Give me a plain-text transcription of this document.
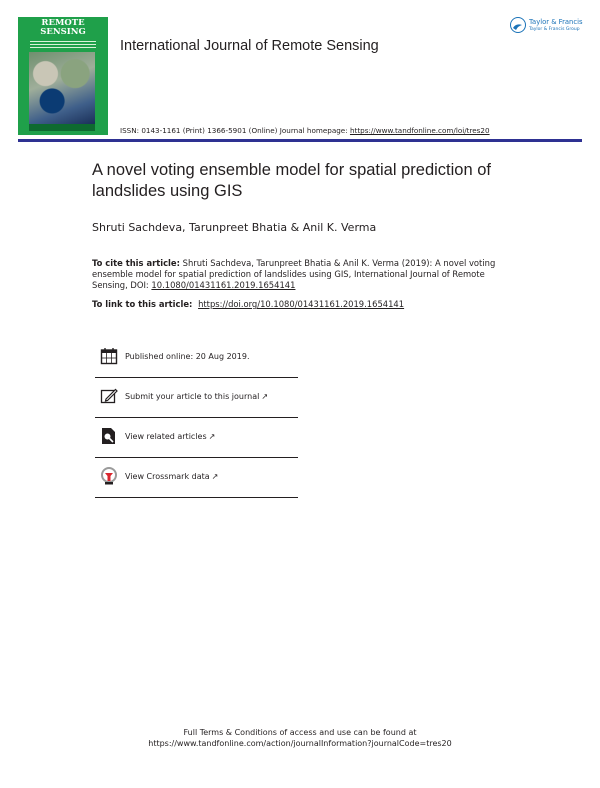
REMOTE
SENSING
International Journal of Remote Sensing
ISSN: 0143-1161 (Print) 1366-5901 (Online) Journal homepage: https://www.tandfonline.com/loi/tres20
Taylor & Francis
Taylor & Francis Group
A novel voting ensemble model for spatial prediction of landslides using GIS
Shruti Sachdeva, Tarunpreet Bhatia & Anil K. Verma
To cite this article: Shruti Sachdeva, Tarunpreet Bhatia & Anil K. Verma (2019): A novel voting ensemble model for spatial prediction of landslides using GIS, International Journal of Remote Sensing, DOI: 10.1080/01431161.2019.1654141
To link to this article: https://doi.org/10.1080/01431161.2019.1654141
Published online: 20 Aug 2019.
Submit your article to this journal ↗
View related articles ↗
View Crossmark data ↗
Full Terms & Conditions of access and use can be found at
https://www.tandfonline.com/action/journalInformation?journalCode=tres20
